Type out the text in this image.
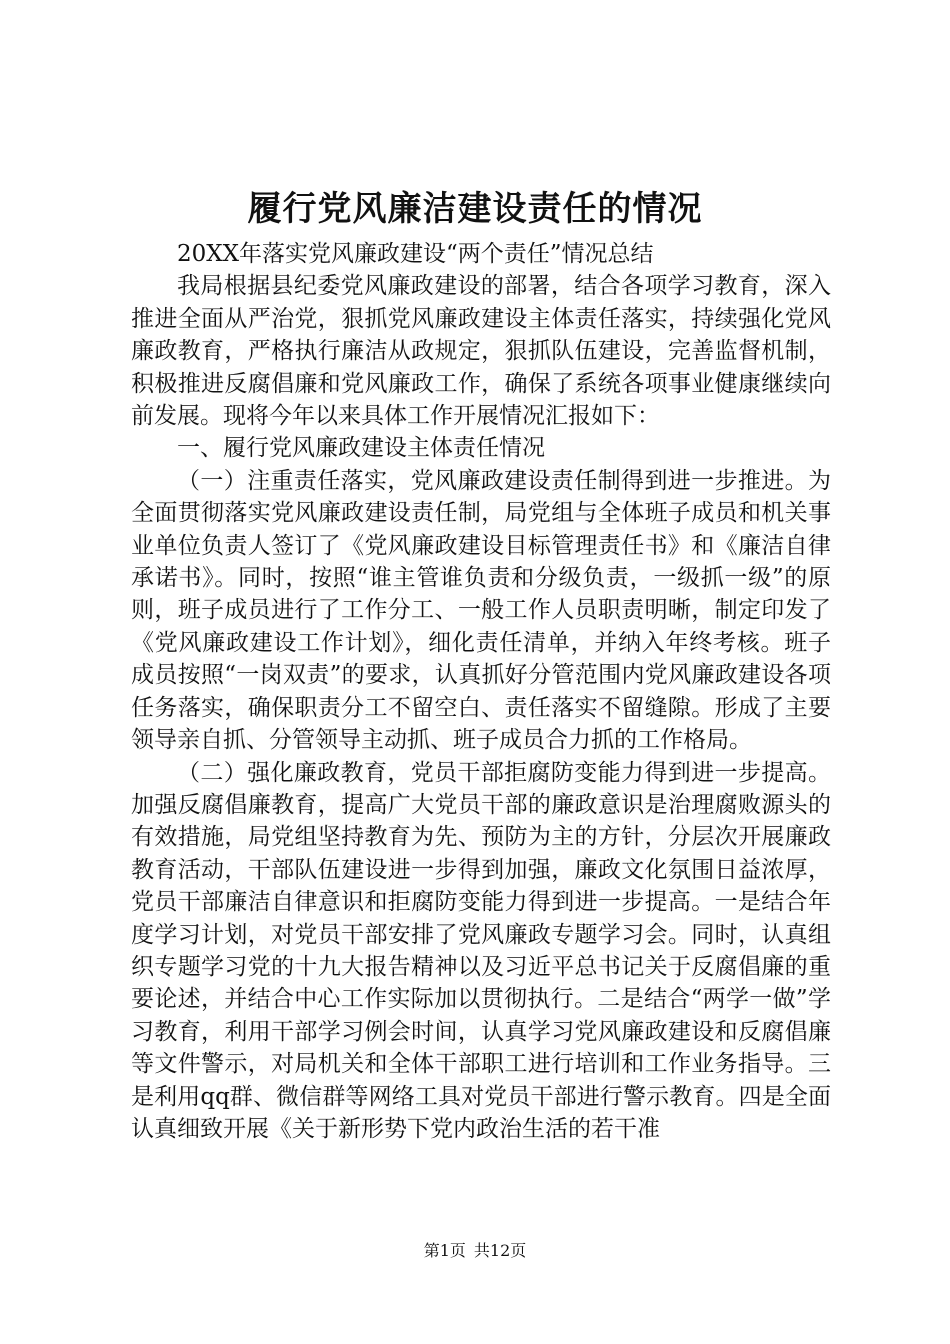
履行党风廉洁建设责任的情况

20XX年落实党风廉政建设“两个责任”情况总结

我局根据县纪委党风廉政建设的部署，结合各项学习教育，深入推进全面从严治党，狠抓党风廉政建设主体责任落实，持续强化党风廉政教育，严格执行廉洁从政规定，狠抓队伍建设，完善监督机制，积极推进反腐倡廉和党风廉政工作，确保了系统各项事业健康继续向前发展。现将今年以来具体工作开展情况汇报如下：

一、履行党风廉政建设主体责任情况

（一）注重责任落实，党风廉政建设责任制得到进一步推进。为全面贯彻落实党风廉政建设责任制，局党组与全体班子成员和机关事业单位负责人签订了《党风廉政建设目标管理责任书》和《廉洁自律承诺书》。同时，按照“谁主管谁负责和分级负责，一级抓一级”的原则，班子成员进行了工作分工、一般工作人员职责明晰，制定印发了《党风廉政建设工作计划》，细化责任清单，并纳入年终考核。班子成员按照“一岗双责”的要求，认真抓好分管范围内党风廉政建设各项任务落实，确保职责分工不留空白、责任落实不留缝隙。形成了主要领导亲自抓、分管领导主动抓、班子成员合力抓的工作格局。

（二）强化廉政教育，党员干部拒腐防变能力得到进一步提高。加强反腐倡廉教育，提高广大党员干部的廉政意识是治理腐败源头的有效措施，局党组坚持教育为先、预防为主的方针，分层次开展廉政教育活动，干部队伍建设进一步得到加强，廉政文化氛围日益浓厚，党员干部廉洁自律意识和拒腐防变能力得到进一步提高。一是结合年度学习计划，对党员干部安排了党风廉政专题学习会。同时，认真组织专题学习党的十九大报告精神以及习近平总书记关于反腐倡廉的重要论述，并结合中心工作实际加以贯彻执行。二是结合“两学一做”学习教育，利用干部学习例会时间，认真学习党风廉政建设和反腐倡廉等文件警示，对局机关和全体干部职工进行培训和工作业务指导。三是利用qq群、微信群等网络工具对党员干部进行警示教育。四是全面认真细致开展《关于新形势下党内政治生活的若干准

第1页 共12页
